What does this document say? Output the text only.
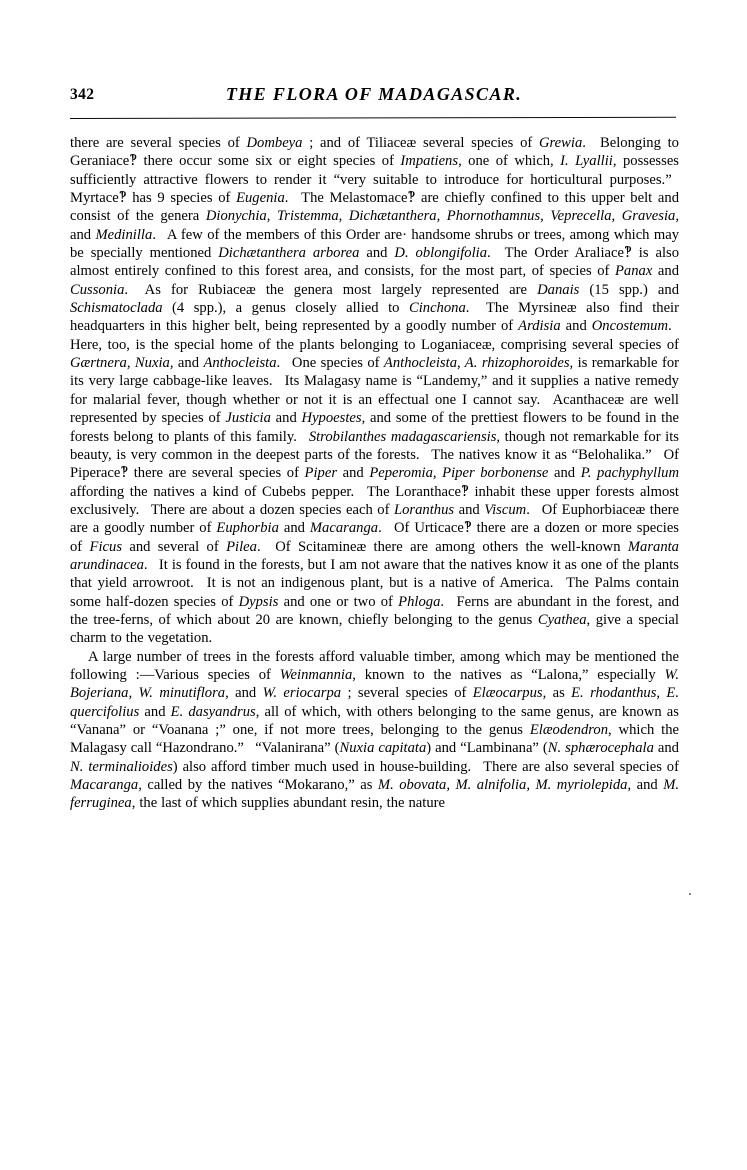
342	THE FLORA OF MADAGASCAR.

there are several species of Dombeya ; and of Tiliaceæ several species of Grewia.  Belonging to Geraniace‽ there occur some six or eight species of Impatiens, one of which, I. Lyallii, possesses sufficiently attractive flowers to render it “very suitable to introduce for horticultural purposes.”  Myrtace‽ has 9 species of Eugenia.  The Melastomace‽ are chiefly confined to this upper belt and consist of the genera Dionychia, Tristemma, Dichætanthera, Phornothamnus, Veprecella, Gravesia, and Medinilla.  A few of the members of this Order are· handsome shrubs or trees, among which may be specially mentioned Dichætanthera arborea and D. oblongifolia.  The Order Araliace‽ is also almost entirely confined to this forest area, and consists, for the most part, of species of Panax and Cussonia.  As for Rubiaceæ the genera most largely represented are Danais (15 spp.) and Schismatoclada (4 spp.), a genus closely allied to Cinchona.  The Myrsineæ also find their headquarters in this higher belt, being represented by a goodly number of Ardisia and Oncostemum.  Here, too, is the special home of the plants belonging to Loganiaceæ, comprising several species of Gærtnera, Nuxia, and Anthocleista.  One species of Anthocleista, A. rhizophoroides, is remarkable for its very large cabbage-like leaves.  Its Malagasy name is “Landemy,” and it supplies a native remedy for malarial fever, though whether or not it is an effectual one I cannot say.  Acanthaceæ are well represented by species of Justicia and Hypoestes, and some of the prettiest flowers to be found in the forests belong to plants of this family.  Strobilanthes madagascariensis, though not remarkable for its beauty, is very common in the deepest parts of the forests.  The natives know it as “Belohalika.”  Of Piperace‽ there are several species of Piper and Peperomia, Piper borbonense and P. pachyphyllum affording the natives a kind of Cubebs pepper.  The Loranthace‽ inhabit these upper forests almost exclusively.  There are about a dozen species each of Loranthus and Viscum.  Of Euphorbiaceæ there are a goodly number of Euphorbia and Macaranga.  Of Urticace‽ there are a dozen or more species of Ficus and several of Pilea.  Of Scitamineæ there are among others the well-known Maranta arundinacea.  It is found in the forests, but I am not aware that the natives know it as one of the plants that yield arrowroot.  It is not an indigenous plant, but is a native of America.  The Palms contain some half-dozen species of Dypsis and one or two of Phloga.  Ferns are abundant in the forest, and the tree-ferns, of which about 20 are known, chiefly belonging to the genus Cyathea, give a special charm to the vegetation.

A large number of trees in the forests afford valuable timber, among which may be mentioned the following :—Various species of Weinmannia, known to the natives as “Lalona,” especially W. Bojeriana, W. minutiflora, and W. eriocarpa ; several species of Elæocarpus, as E. rhodanthus, E. quercifolius and E. dasyandrus, all of which, with others belonging to the same genus, are known as “Vanana” or “Voanana ;” one, if not more trees, belonging to the genus Elæodendron, which the Malagasy call “Hazondrano.”  “Valanirana” (Nuxia capitata) and “Lambinana” (N. sphærocephala and N. terminalioides) also afford timber much used in house-building.  There are also several species of Macaranga, called by the natives “Mokarano,” as M. obovata, M. alnifolia, M. myriolepida, and M. ferruginea, the last of which supplies abundant resin, the nature
